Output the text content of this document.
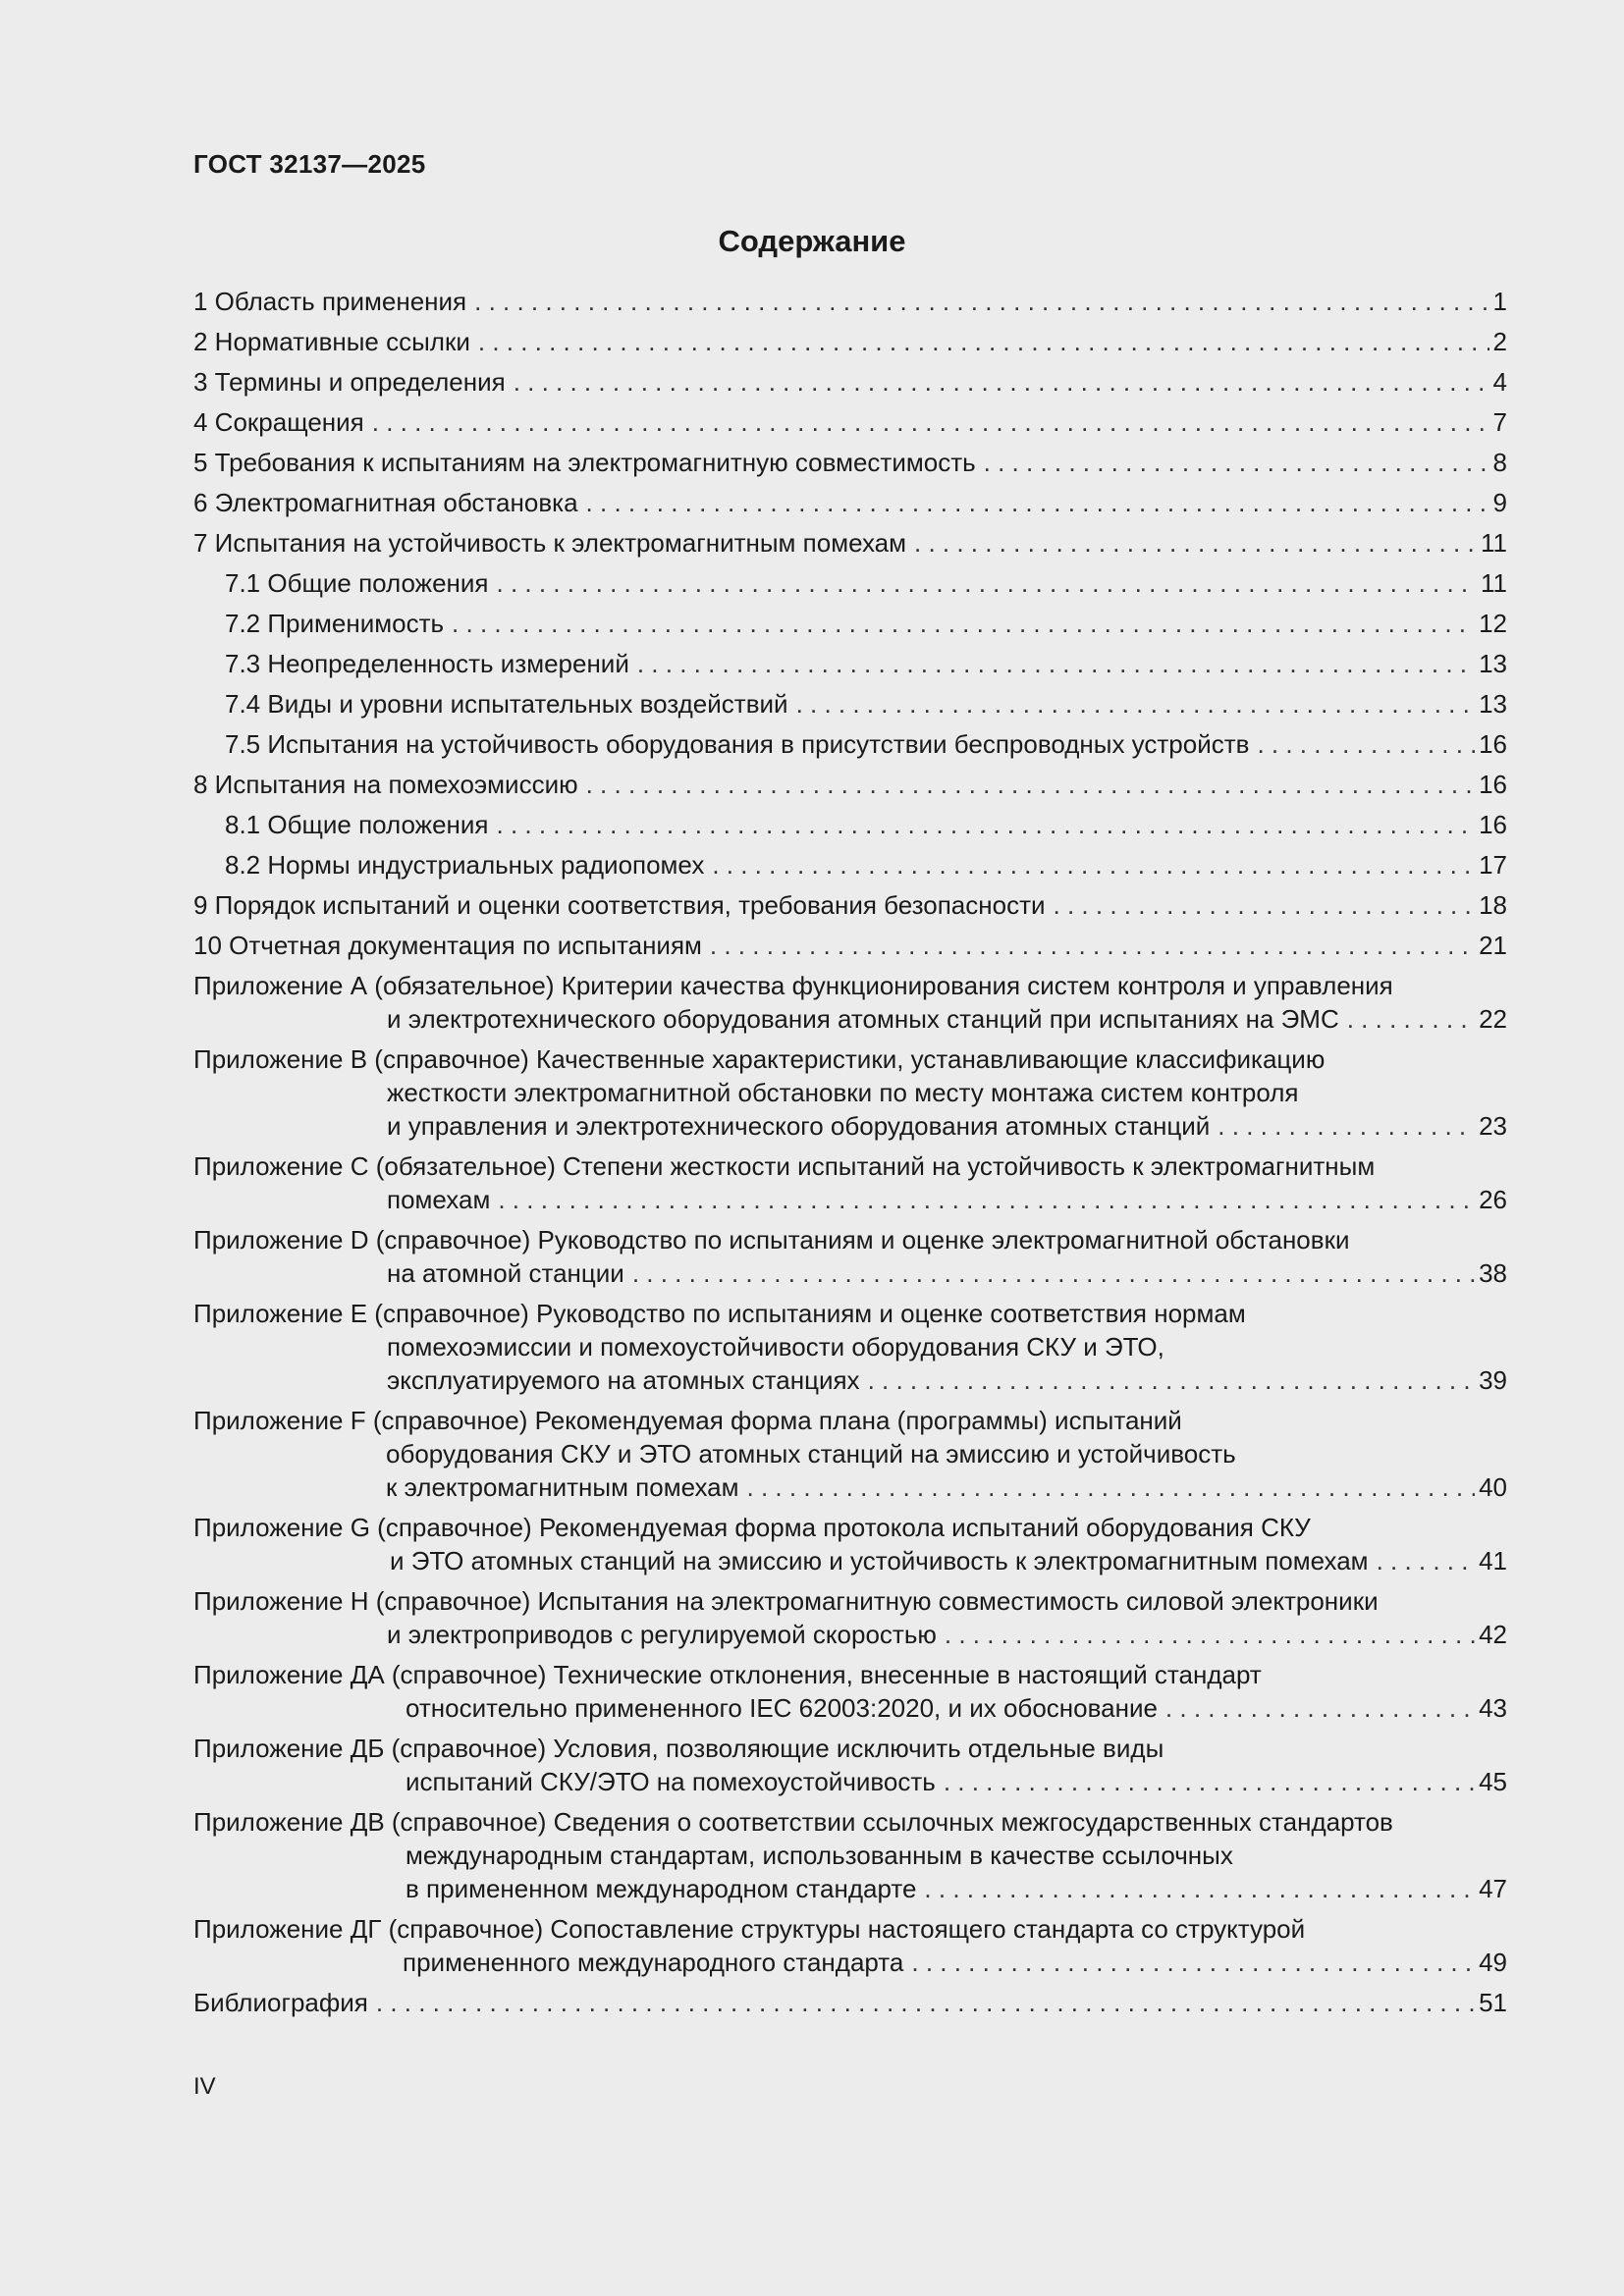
ГОСТ 32137—2025
Содержание
1 Область применения . . .	1
2 Нормативные ссылки . . .	2
3 Термины и определения . . .	4
4 Сокращения . . .	7
5 Требования к испытаниям на электромагнитную совместимость . . .	8
6 Электромагнитная обстановка . . .	9
7 Испытания на устойчивость к электромагнитным помехам . . .	11
7.1 Общие положения . . .	11
7.2 Применимость . . .	12
7.3 Неопределенность измерений . . .	13
7.4 Виды и уровни испытательных воздействий . . .	13
7.5 Испытания на устойчивость оборудования в присутствии беспроводных устройств . . .	16
8 Испытания на помехоэмиссию . . .	16
8.1 Общие положения . . .	16
8.2 Нормы индустриальных радиопомех . . .	17
9 Порядок испытаний и оценки соответствия, требования безопасности . . .	18
10 Отчетная документация по испытаниям . . .	21
Приложение А (обязательное) Критерии качества функционирования систем контроля и управления
и электротехнического оборудования атомных станций при испытаниях на ЭМС . . .	22
Приложение В (справочное) Качественные характеристики, устанавливающие классификацию
жесткости электромагнитной обстановки по месту монтажа систем контроля
и управления и электротехнического оборудования атомных станций . . .	23
Приложение С (обязательное) Степени жесткости испытаний на устойчивость к электромагнитным
помехам . . .	26
Приложение D (справочное) Руководство по испытаниям и оценке электромагнитной обстановки
на атомной станции . . .	38
Приложение Е (справочное) Руководство по испытаниям и оценке соответствия нормам
помехоэмиссии и помехоустойчивости оборудования СКУ и ЭТО,
эксплуатируемого на атомных станциях . . .	39
Приложение F (справочное) Рекомендуемая форма плана (программы) испытаний
оборудования СКУ и ЭТО атомных станций на эмиссию и устойчивость
к электромагнитным помехам . . .	40
Приложение G (справочное) Рекомендуемая форма протокола испытаний оборудования СКУ
и ЭТО атомных станций на эмиссию и устойчивость к электромагнитным помехам . . .	41
Приложение Н (справочное) Испытания на электромагнитную совместимость силовой электроники
и электроприводов с регулируемой скоростью . . .	42
Приложение ДА (справочное) Технические отклонения, внесенные в настоящий стандарт
относительно примененного IEC 62003:2020, и их обоснование . . .	43
Приложение ДБ (справочное) Условия, позволяющие исключить отдельные виды
испытаний СКУ/ЭТО на помехоустойчивость . . .	45
Приложение ДВ (справочное) Сведения о соответствии ссылочных межгосударственных стандартов
международным стандартам, использованным в качестве ссылочных
в примененном международном стандарте . . .	47
Приложение ДГ (справочное) Сопоставление структуры настоящего стандарта со структурой
примененного международного стандарта . . .	49
Библиография . . .	51
IV
